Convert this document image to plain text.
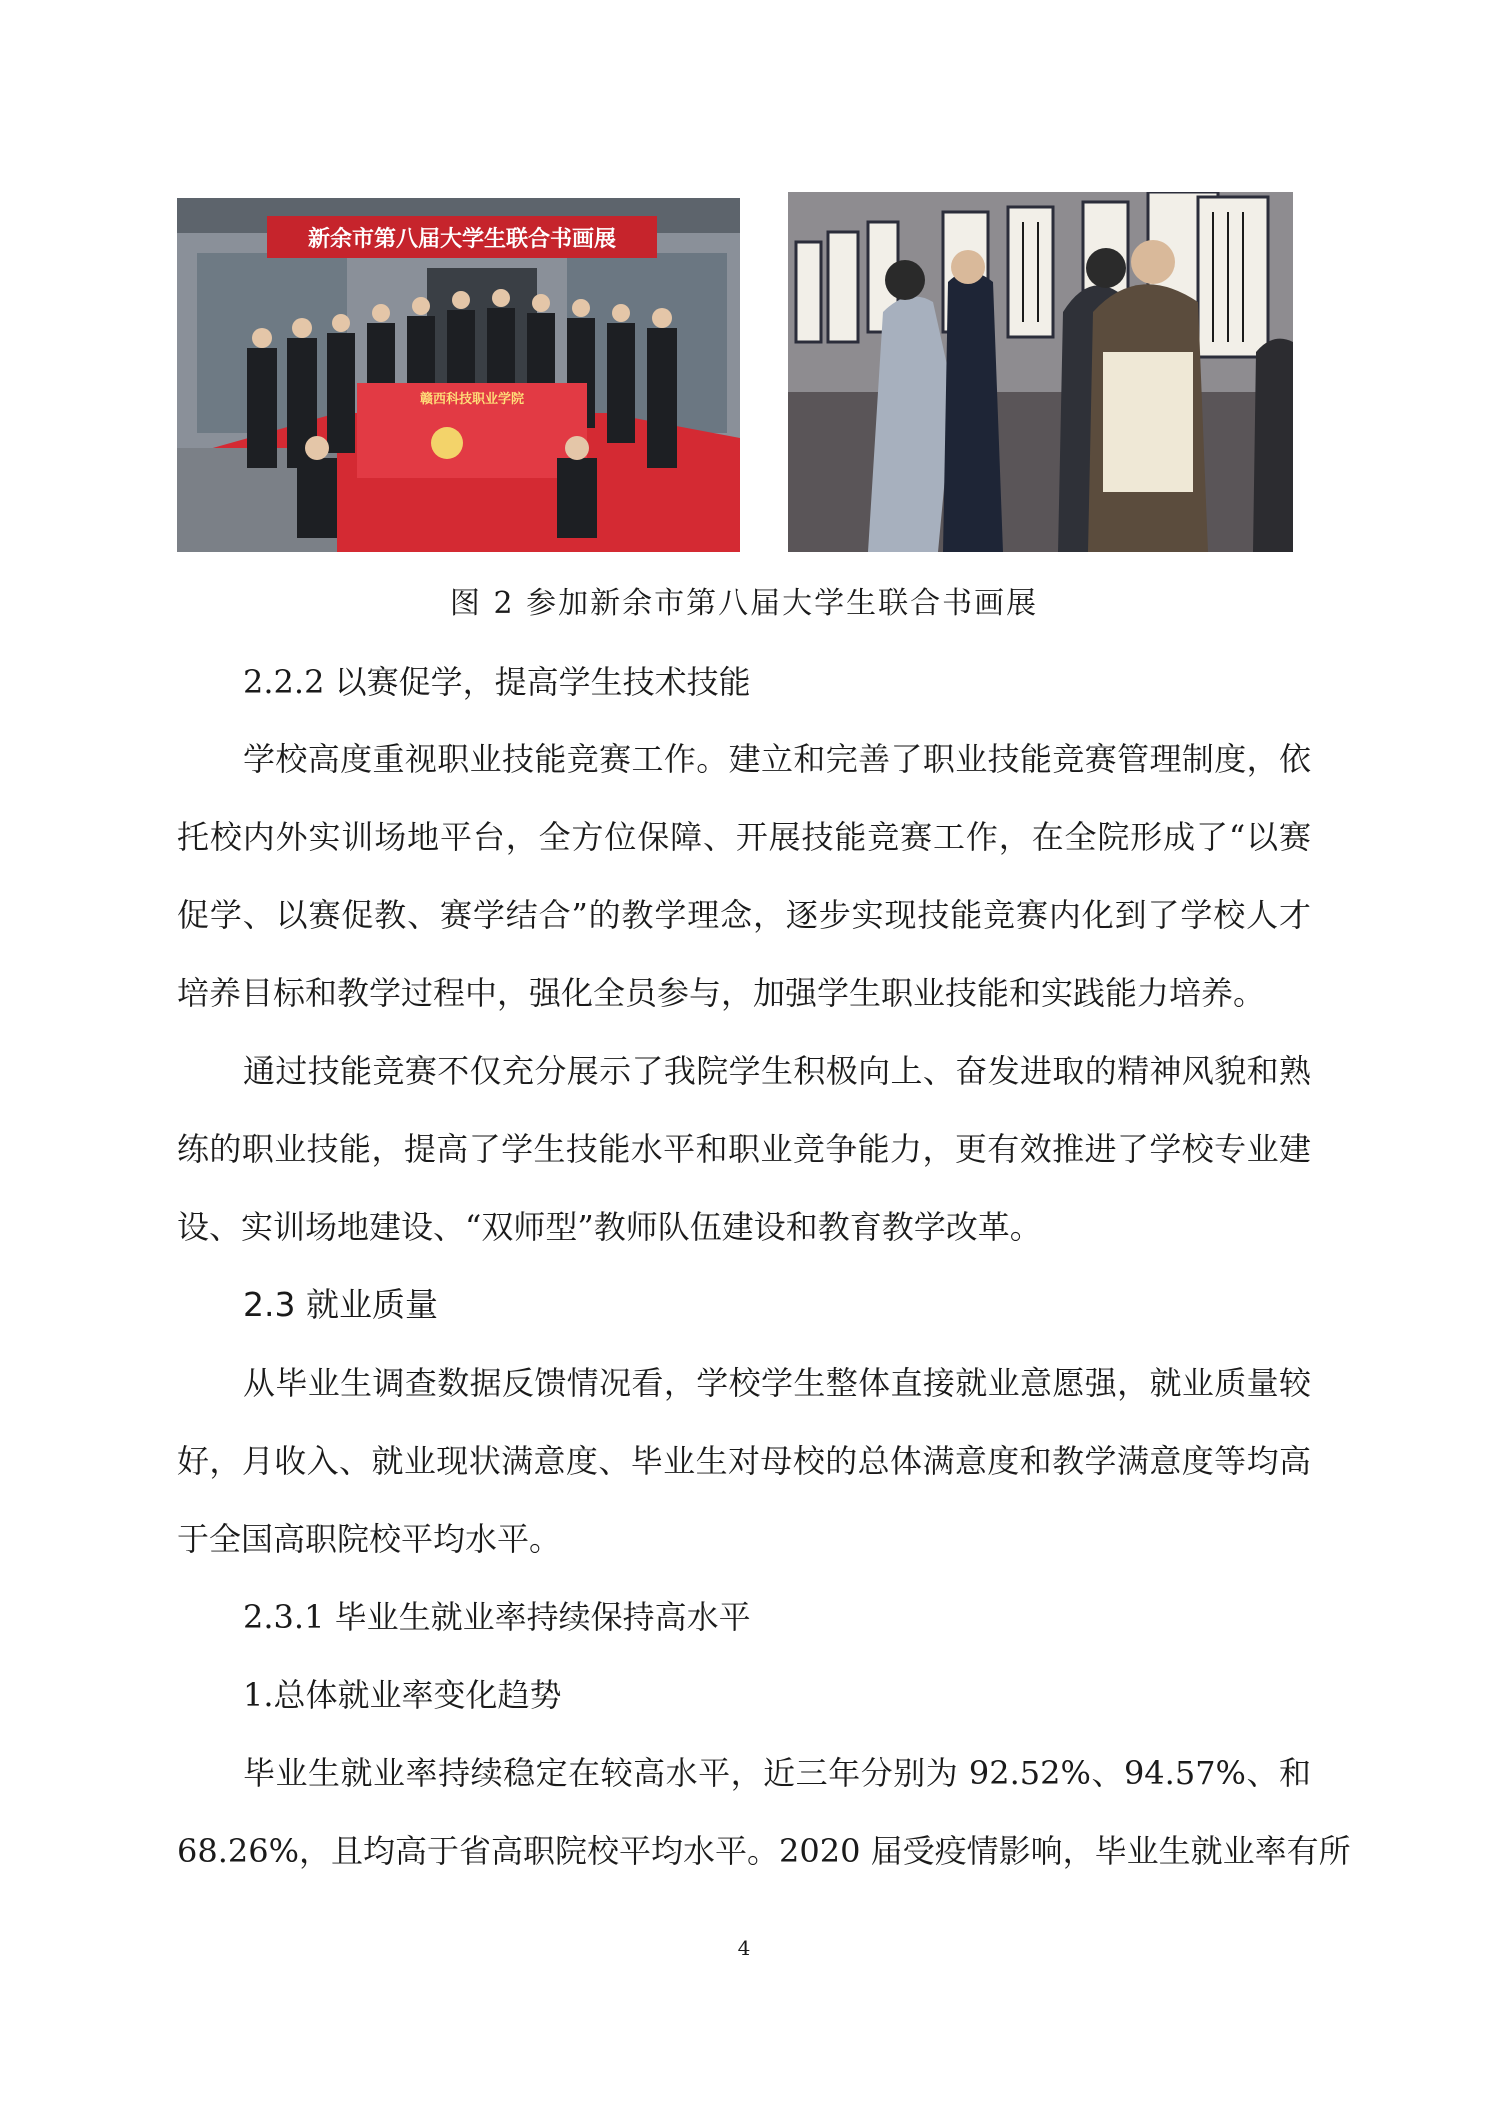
新余市第八届大学生联合书画展
赣西科技职业学院
图 2 参加新余市第八届大学生联合书画展
2.2.2 以赛促学，提高学生技术技能
学校高度重视职业技能竞赛工作。建立和完善了职业技能竞赛管理制度，依
托校内外实训场地平台，全方位保障、开展技能竞赛工作，在全院形成了“以赛
促学、以赛促教、赛学结合”的教学理念，逐步实现技能竞赛内化到了学校人才
培养目标和教学过程中，强化全员参与，加强学生职业技能和实践能力培养。
通过技能竞赛不仅充分展示了我院学生积极向上、奋发进取的精神风貌和熟
练的职业技能，提高了学生技能水平和职业竞争能力，更有效推进了学校专业建
设、实训场地建设、“双师型”教师队伍建设和教育教学改革。
2.3 就业质量
从毕业生调查数据反馈情况看，学校学生整体直接就业意愿强，就业质量较
好，月收入、就业现状满意度、毕业生对母校的总体满意度和教学满意度等均高
于全国高职院校平均水平。
2.3.1 毕业生就业率持续保持高水平
1.总体就业率变化趋势
毕业生就业率持续稳定在较高水平，近三年分别为 92.52%、94.57%、和
68.26%，且均高于省高职院校平均水平。2020 届受疫情影响，毕业生就业率有所
4
